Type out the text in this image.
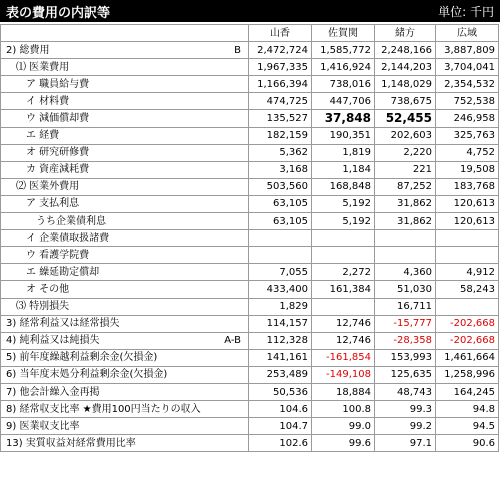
表の費用の内訳等	単位: 千円
	山香	佐賀関	緒方	広域

B
2) 総費用	2,472,724	1,585,772	2,248,166	3,887,809
⑴ 医業費用	1,967,335	1,416,924	2,144,203	3,704,041
ア 職員給与費	1,166,394	738,016	1,148,029	2,354,532
イ 材料費	474,725	447,706	738,675	752,538
ウ 減価償却費	135,527	37,848	52,455	246,958
エ 経費	182,159	190,351	202,603	325,763
オ 研究研修費	5,362	1,819	2,220	4,752
カ 資産減耗費	3,168	1,184	221	19,508
⑵ 医業外費用	503,560	168,848	87,252	183,768
ア 支払利息	63,105	5,192	31,862	120,613
うち企業債利息	63,105	5,192	31,862	120,613
イ 企業債取扱諸費				
ウ 看護学院費				
エ 繰延勘定償却	7,055	2,272	4,360	4,912
オ その他	433,400	161,384	51,030	58,243
⑶ 特別損失	1,829		16,711	
3) 経常利益又は経常損失	114,157	12,746	-15,777	-202,668

A-B
4) 純利益又は純損失	112,328	12,746	-28,358	-202,668
5) 前年度繰越利益剰余金(欠損金)	141,161	-161,854	153,993	1,461,664
6) 当年度末処分利益剰余金(欠損金)	253,489	-149,108	125,635	1,258,996
7) 他会計繰入金再掲	50,536	18,884	48,743	164,245
8) 経常収支比率 ★費用100円当たりの収入	104.6	100.8	99.3	94.8
9) 医業収支比率	104.7	99.0	99.2	94.5
13) 実質収益対経常費用比率	102.6	99.6	97.1	90.6
